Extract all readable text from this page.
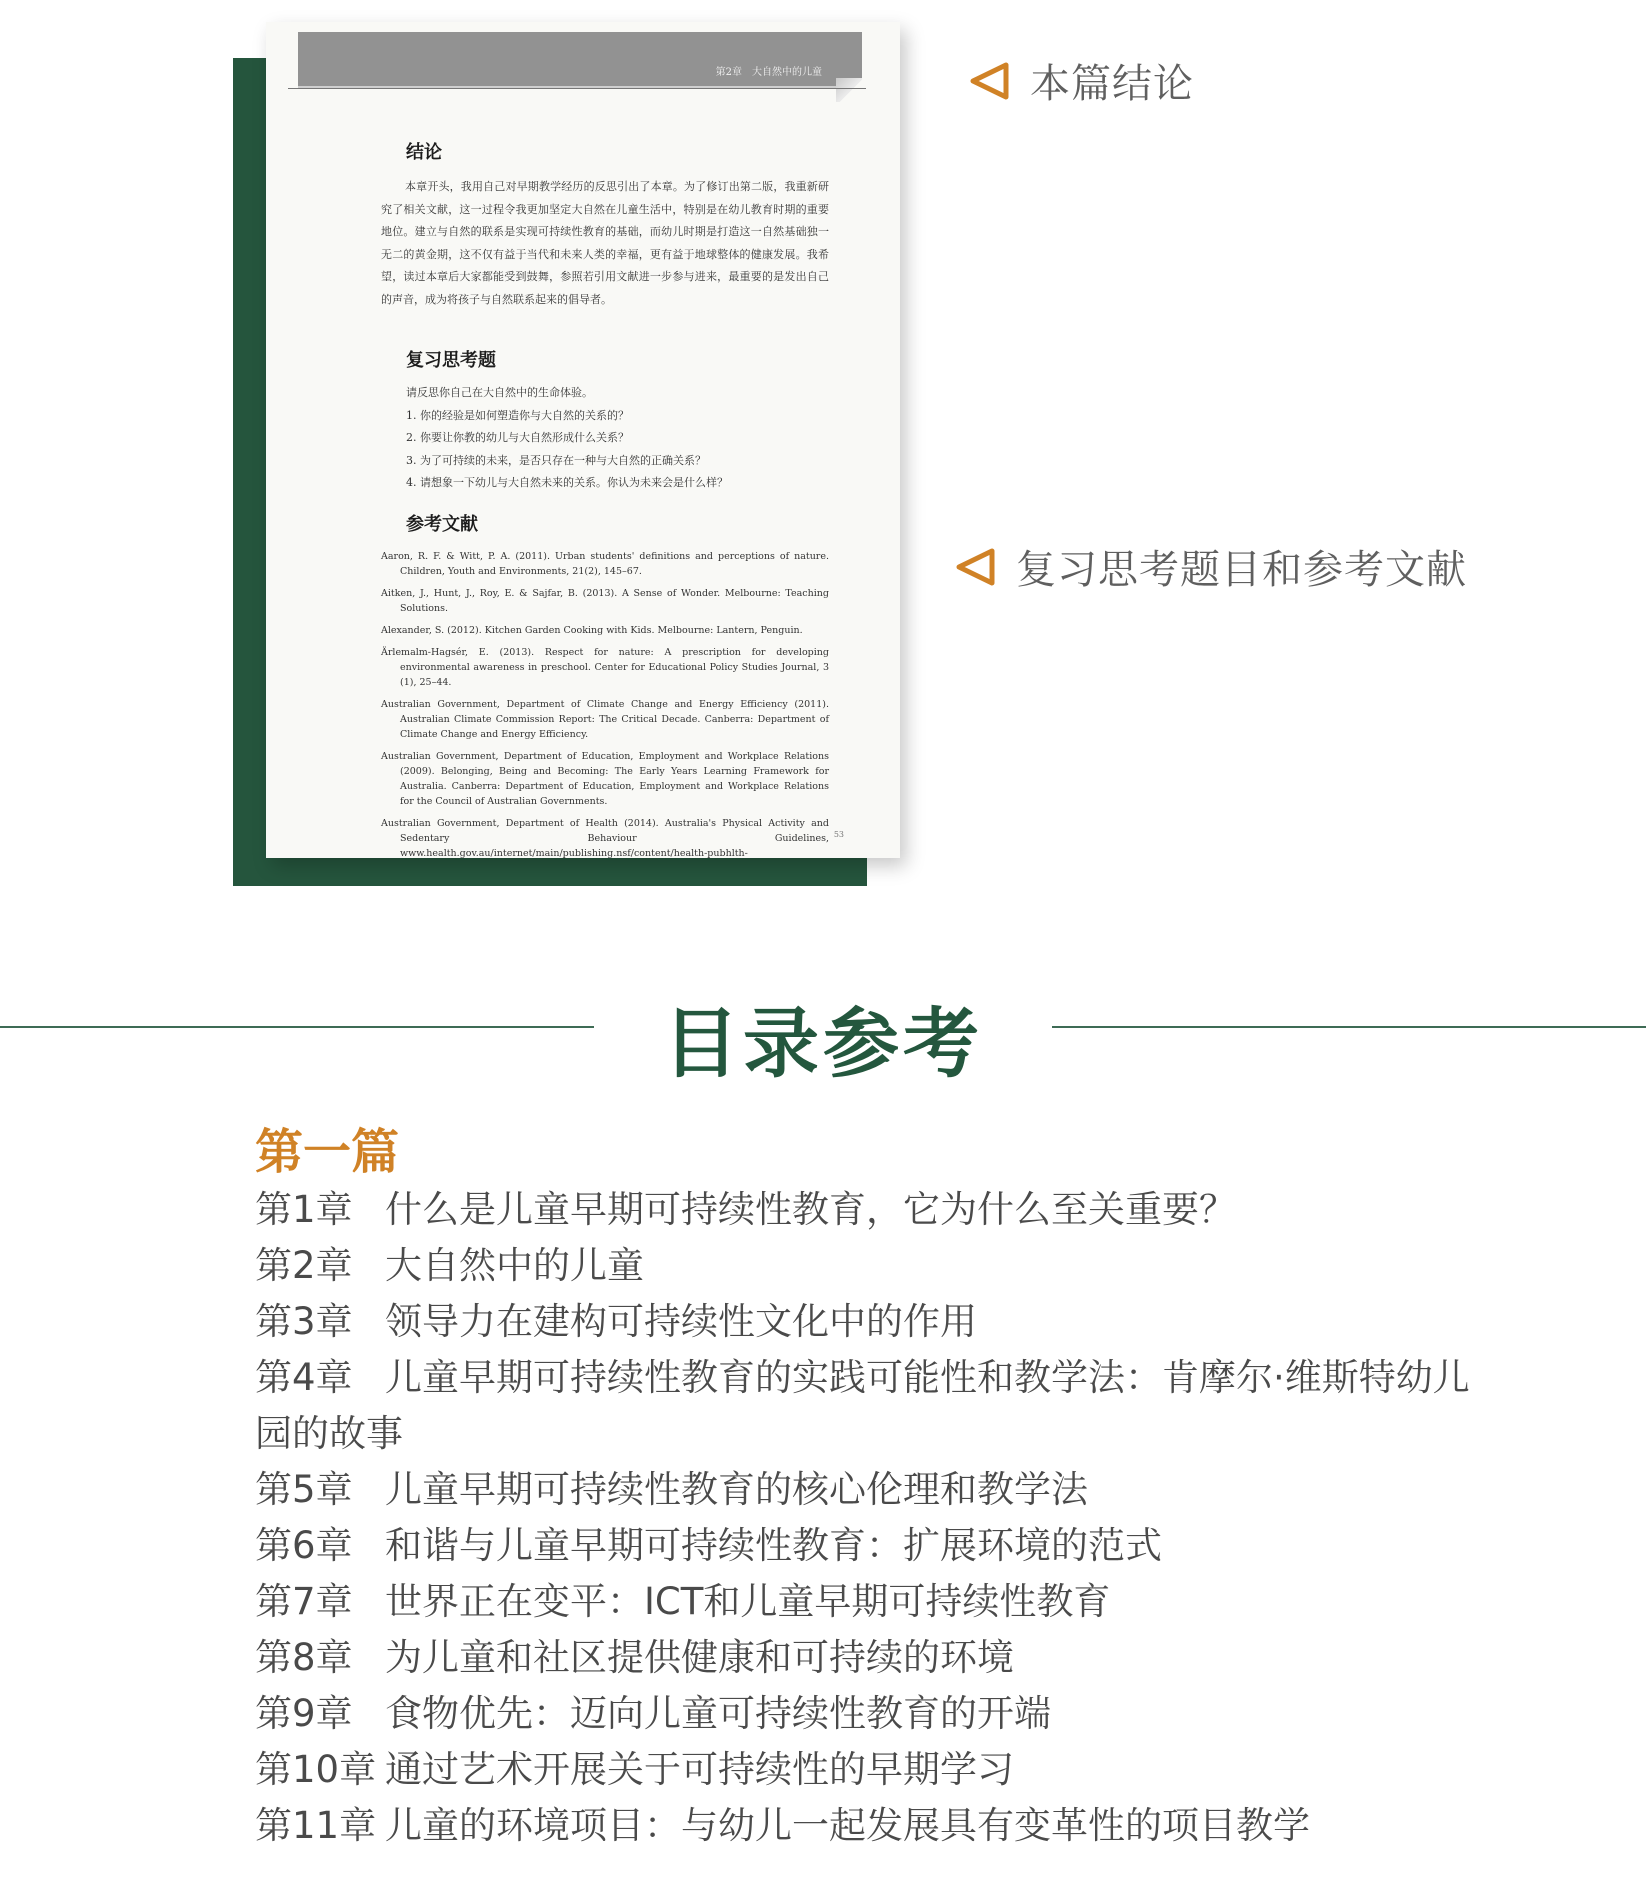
第2章　大自然中的儿童
结论
本章开头，我用自己对早期教学经历的反思引出了本章。为了修订出第二版，我重新研究了相关文献，这一过程令我更加坚定大自然在儿童生活中，特别是在幼儿教育时期的重要地位。建立与自然的联系是实现可持续性教育的基础，而幼儿时期是打造这一自然基础独一无二的黄金期，这不仅有益于当代和未来人类的幸福，更有益于地球整体的健康发展。我希望，读过本章后大家都能受到鼓舞，参照若引用文献进一步参与进来，最重要的是发出自己的声音，成为将孩子与自然联系起来的倡导者。
复习思考题
请反思你自己在大自然中的生命体验。
1. 你的经验是如何塑造你与大自然的关系的？
2. 你要让你教的幼儿与大自然形成什么关系？
3. 为了可持续的未来，是否只存在一种与大自然的正确关系？
4. 请想象一下幼儿与大自然未来的关系。你认为未来会是什么样？
参考文献
Aaron, R. F. & Witt, P. A. (2011). Urban students' definitions and perceptions of nature. Children, Youth and Environments, 21(2), 145–67.
Aitken, J., Hunt, J., Roy, E. & Sajfar, B. (2013). A Sense of Wonder. Melbourne: Teaching Solutions.
Alexander, S. (2012). Kitchen Garden Cooking with Kids. Melbourne: Lantern, Penguin.
Ärlemalm-Hagsér, E. (2013). Respect for nature: A prescription for developing environmental awareness in preschool. Center for Educational Policy Studies Journal, 3 (1), 25–44.
Australian Government, Department of Climate Change and Energy Efficiency (2011). Australian Climate Commission Report: The Critical Decade. Canberra: Department of Climate Change and Energy Efficiency.
Australian Government, Department of Education, Employment and Workplace Relations (2009). Belonging, Being and Becoming: The Early Years Learning Framework for Australia. Canberra: Department of Education, Employment and Workplace Relations for the Council of Australian Governments.
Australian Government, Department of Health (2014). Australia's Physical Activity and Sedentary Behaviour Guidelines, www.health.gov.au/internet/main/publishing.nsf/content/health-pubhlth-
53
本篇结论
复习思考题目和参考文献
目录参考
第一篇
第1章 什么是儿童早期可持续性教育，它为什么至关重要？
第2章 大自然中的儿童
第3章 领导力在建构可持续性文化中的作用
第4章 儿童早期可持续性教育的实践可能性和教学法：肯摩尔·维斯特幼儿园的故事
第5章 儿童早期可持续性教育的核心伦理和教学法
第6章 和谐与儿童早期可持续性教育：扩展环境的范式
第7章 世界正在变平：ICT和儿童早期可持续性教育
第8章 为儿童和社区提供健康和可持续的环境
第9章 食物优先：迈向儿童可持续性教育的开端
第10章 通过艺术开展关于可持续性的早期学习
第11章 儿童的环境项目：与幼儿一起发展具有变革性的项目教学
